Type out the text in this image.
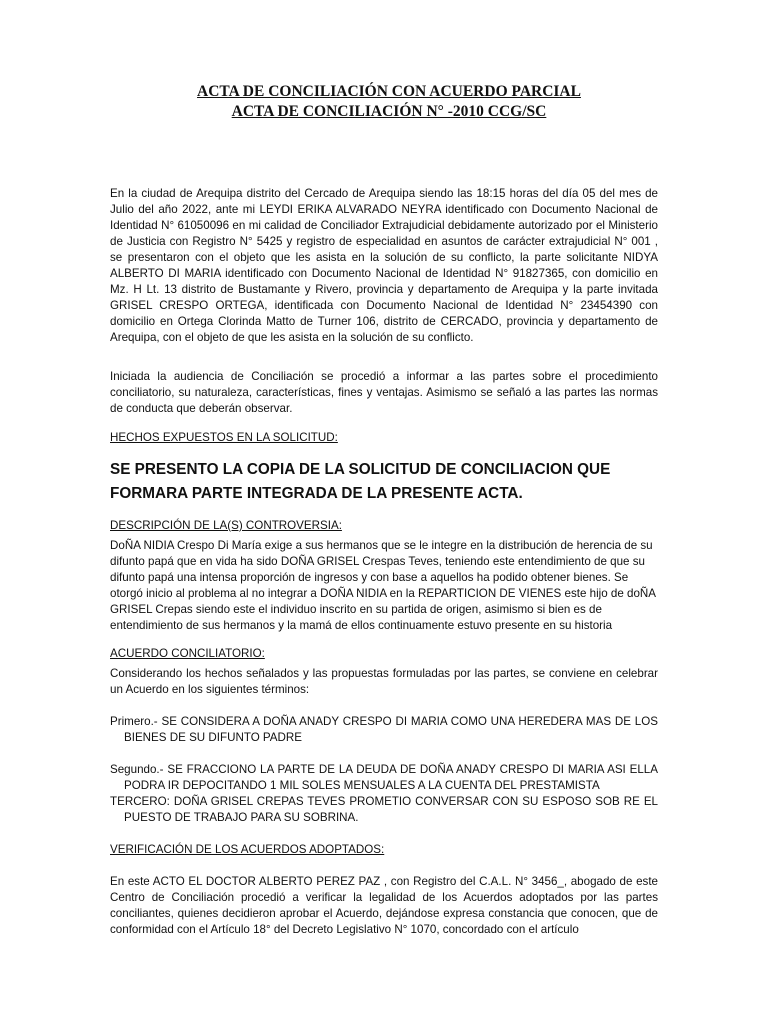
ACTA DE CONCILIACIÓN CON ACUERDO PARCIAL
ACTA DE CONCILIACIÓN N° -2010 CCG/SC

En la ciudad de Arequipa distrito del Cercado de Arequipa siendo las 18:15 horas del día 05 del mes de Julio del año 2022, ante mi LEYDI ERIKA ALVARADO NEYRA identificado con Documento Nacional de Identidad N° 61050096 en mi calidad de Conciliador Extrajudicial debidamente autorizado por el Ministerio de Justicia con Registro N° 5425 y registro de especialidad en asuntos de carácter extrajudicial N° 001 , se presentaron con el objeto que les asista en la solución de su conflicto, la parte solicitante NIDYA ALBERTO DI MARIA identificado con Documento Nacional de Identidad N° 91827365, con domicilio en Mz. H Lt. 13 distrito de Bustamante y Rivero, provincia y departamento de Arequipa y la parte invitada GRISEL CRESPO ORTEGA, identificada con Documento Nacional de Identidad N° 23454390 con domicilio en Ortega Clorinda Matto de Turner 106, distrito de CERCADO, provincia y departamento de Arequipa, con el objeto de que les asista en la solución de su conflicto.

Iniciada la audiencia de Conciliación se procedió a informar a las partes sobre el procedimiento conciliatorio, su naturaleza, características, fines y ventajas. Asimismo se señaló a las partes las normas de conducta que deberán observar.

HECHOS EXPUESTOS EN LA SOLICITUD:

SE PRESENTO LA COPIA DE LA SOLICITUD DE CONCILIACION QUE FORMARA PARTE INTEGRADA DE LA PRESENTE ACTA.

DESCRIPCIÓN DE LA(S) CONTROVERSIA:

DoÑA NIDIA Crespo Di María exige a sus hermanos que se le integre en la distribución de herencia de su difunto papá que en vida ha sido DOÑA GRISEL Crespas Teves, teniendo este entendimiento de que su difunto papá una intensa proporción de ingresos y con base a aquellos ha podido obtener bienes. Se otorgó inicio al problema al no integrar a DOÑA NIDIA en la REPARTICION DE VIENES este hijo de doÑA GRISEL Crepas siendo este el individuo inscrito en su partida de origen, asimismo si bien es de entendimiento de sus hermanos y la mamá de ellos continuamente estuvo presente en su historia

ACUERDO CONCILIATORIO:

Considerando los hechos señalados y las propuestas formuladas por las partes, se conviene en celebrar un Acuerdo en los siguientes términos:

Primero.- SE CONSIDERA A DOÑA ANADY CRESPO DI MARIA COMO UNA HEREDERA MAS DE LOS BIENES DE SU DIFUNTO PADRE

Segundo.- SE FRACCIONO LA PARTE DE LA DEUDA DE DOÑA ANADY CRESPO DI MARIA ASI ELLA PODRA IR DEPOCITANDO 1 MIL SOLES MENSUALES A LA CUENTA DEL PRESTAMISTA

TERCERO: DOÑA GRISEL CREPAS TEVES PROMETIO CONVERSAR CON SU ESPOSO SOB RE EL PUESTO DE TRABAJO PARA SU SOBRINA.

VERIFICACIÓN DE LOS ACUERDOS ADOPTADOS:

En este ACTO EL DOCTOR ALBERTO PEREZ PAZ , con Registro del C.A.L. N° 3456_, abogado de este Centro de Conciliación procedió a verificar la legalidad de los Acuerdos adoptados por las partes conciliantes, quienes decidieron aprobar el Acuerdo, dejándose expresa constancia que conocen, que de conformidad con el Artículo 18° del Decreto Legislativo N° 1070, concordado con el artículo
